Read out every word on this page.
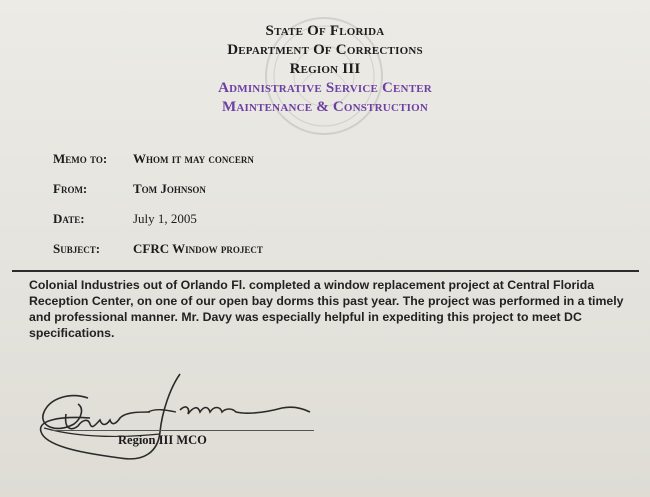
State Of Florida
Department Of Corrections
Region III
Administrative Service Center
Maintenance & Construction
Memo to: Whom it may concern
From:	Tom Johnson
Date:	July 1, 2005
Subject:	CFRC Window project
Colonial Industries out of Orlando Fl. completed a window replacement project at Central Florida Reception Center, on one of our open bay dorms this past year. The project was performed in a timely and professional manner. Mr. Davy was especially helpful in expediting this project to meet DC specifications.
Region III MCO
